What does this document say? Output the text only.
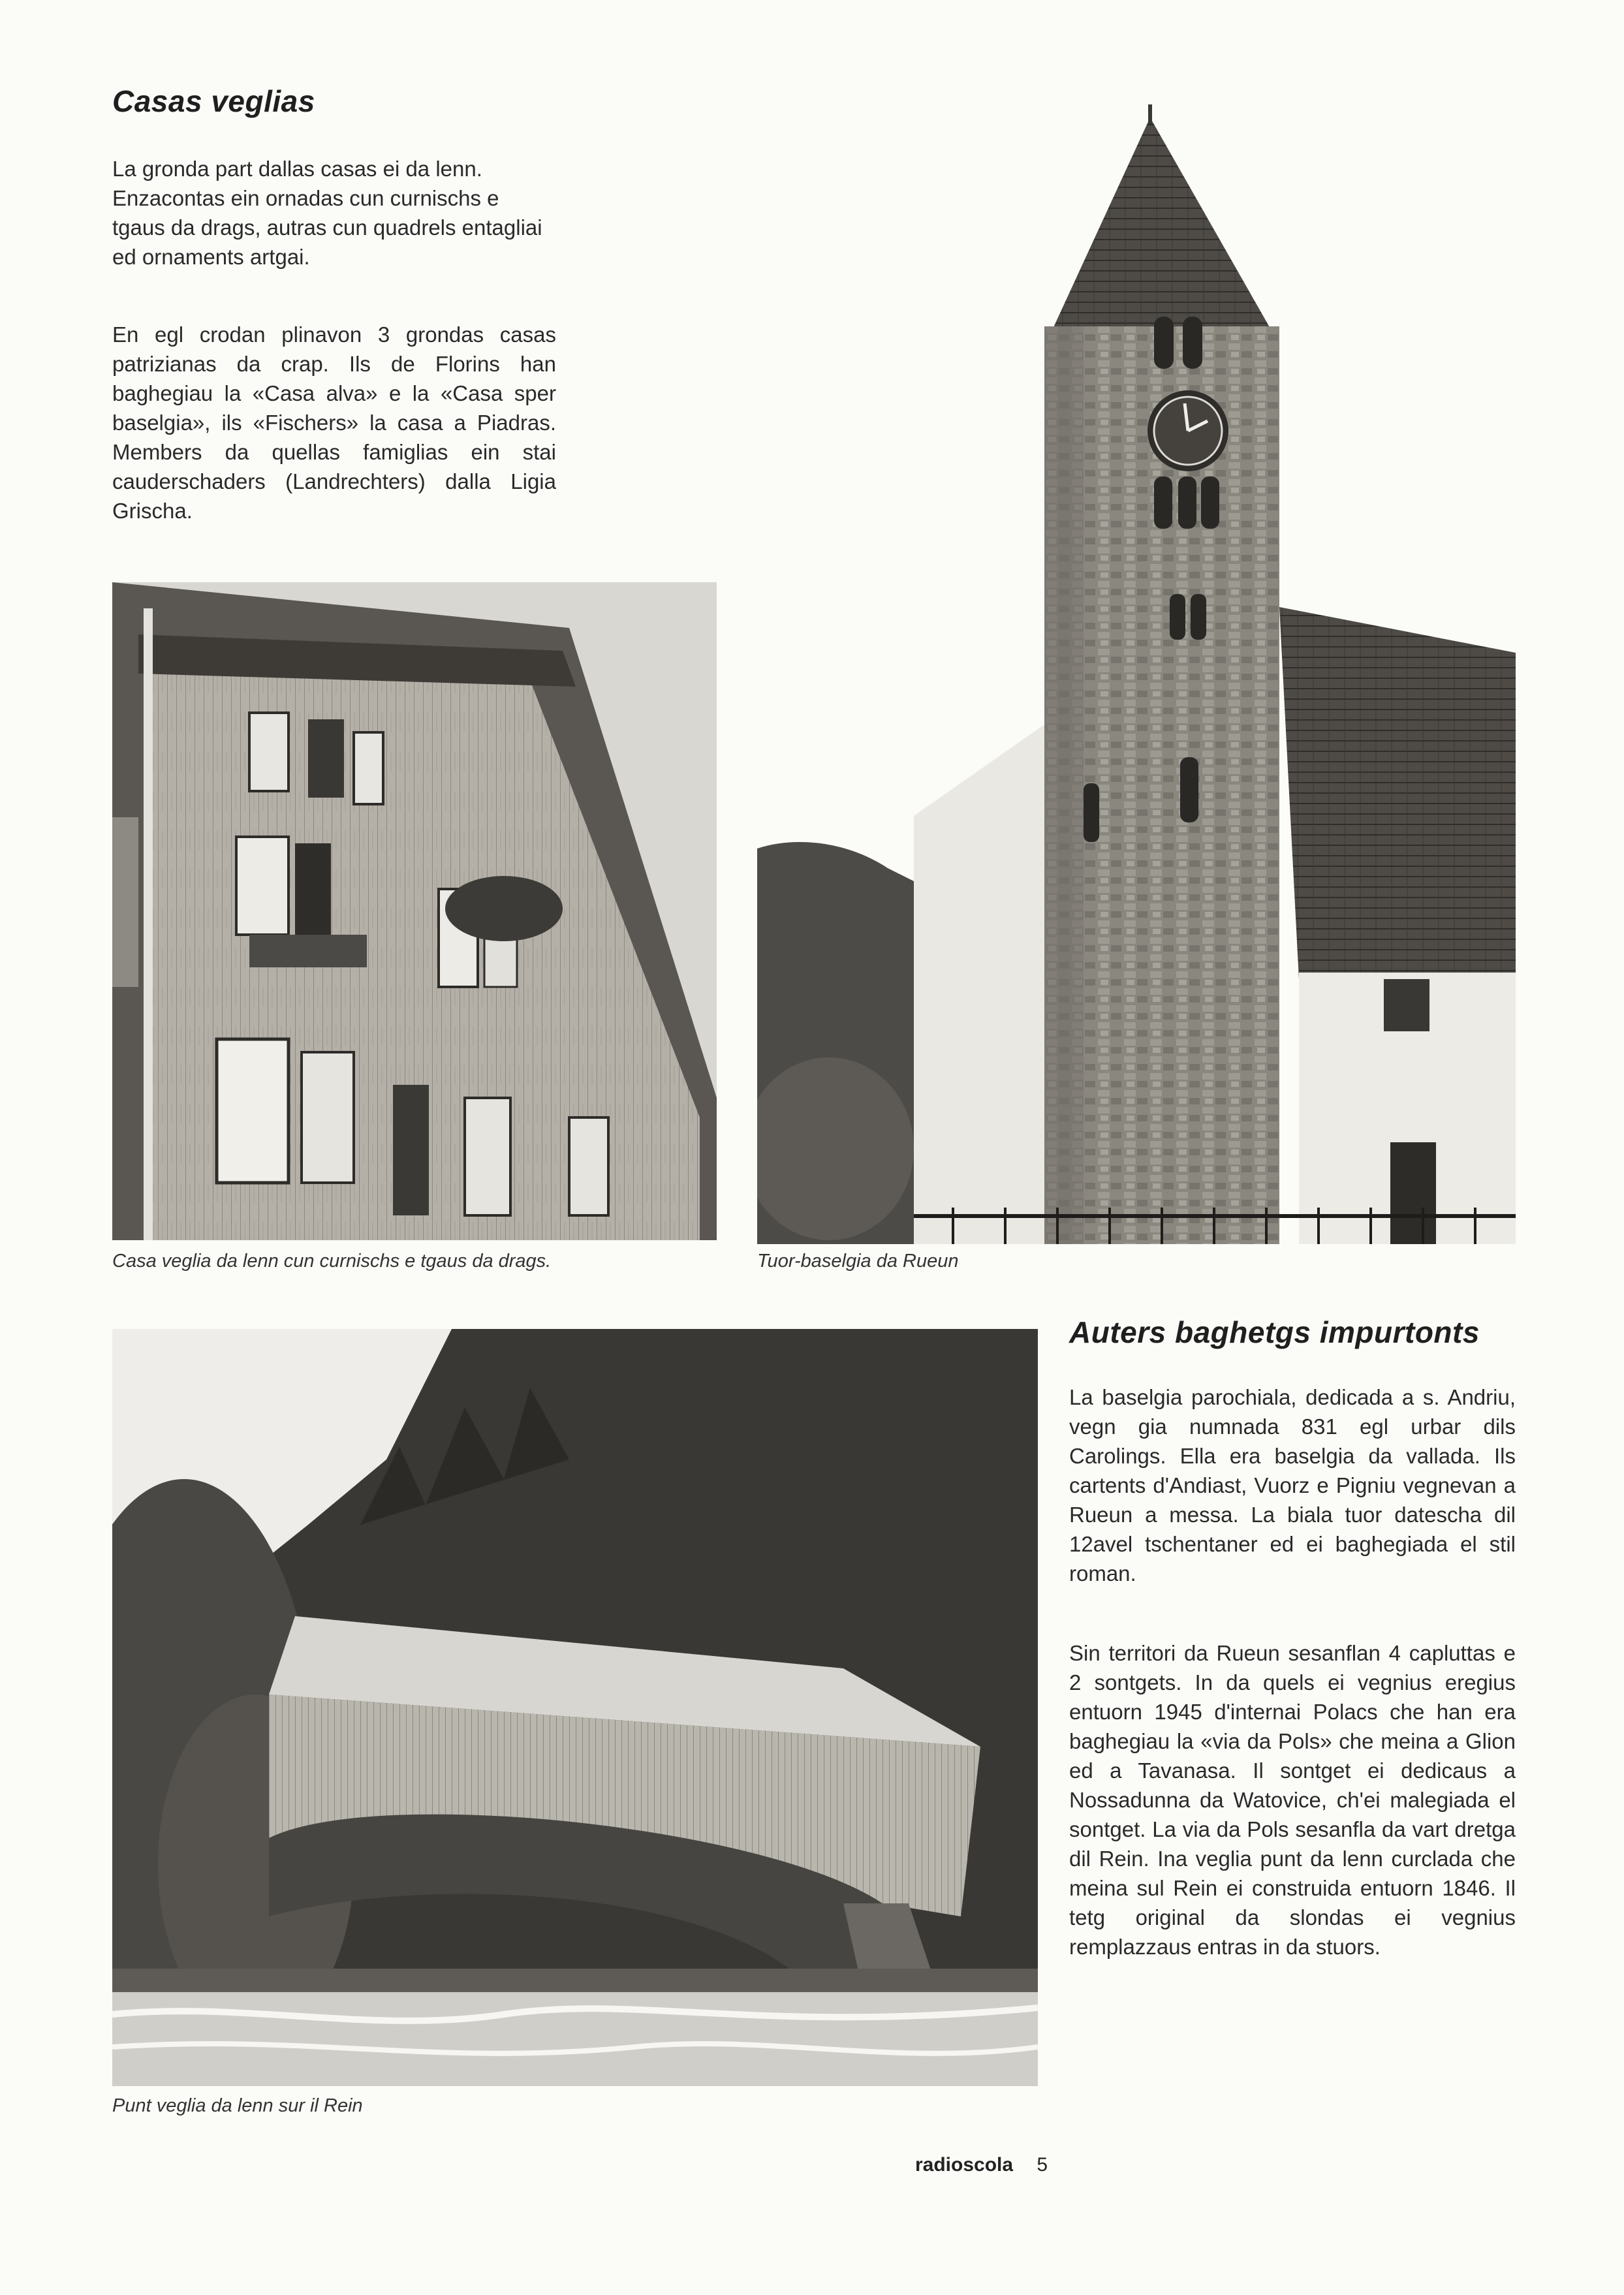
Casas veglias

La gronda part dallas casas ei da lenn. Enzacontas ein ornadas cun curnischs e tgaus da drags, autras cun quadrels entagliai ed ornaments artgai.

En egl crodan plinavon 3 grondas casas patrizianas da crap. Ils de Florins han baghegiau la «Casa alva» e la «Casa sper baselgia», ils «Fischers» la casa a Piadras. Members da quellas famiglias ein stai cauderschaders (Landrechters) dalla Ligia Grischa.

Casa veglia da lenn cun curnischs e tgaus da drags.	Tuor-baselgia da Rueun

Punt veglia da lenn sur il Rein

Auters baghetgs impurtonts

La baselgia parochiala, dedicada a s. Andriu, vegn gia numnada 831 egl urbar dils Carolings. Ella era baselgia da vallada. Ils cartents d'Andiast, Vuorz e Pigniu vegnevan a Rueun a messa. La biala tuor datescha dil 12avel tschentaner ed ei baghegiada el stil roman.

Sin territori da Rueun sesanflan 4 capluttas e 2 sontgets. In da quels ei vegnius eregius entuorn 1945 d'internai Polacs che han era baghegiau la «via da Pols» che meina a Glion ed a Tavanasa. Il sontget ei dedicaus a Nossadunna da Watovice, ch'ei malegiada el sontget. La via da Pols sesanfla da vart dretga dil Rein. Ina veglia punt da lenn curclada che meina sul Rein ei construida entuorn 1846. Il tetg original da slondas ei vegnius remplazzaus entras in da stuors.

radioscola 5
